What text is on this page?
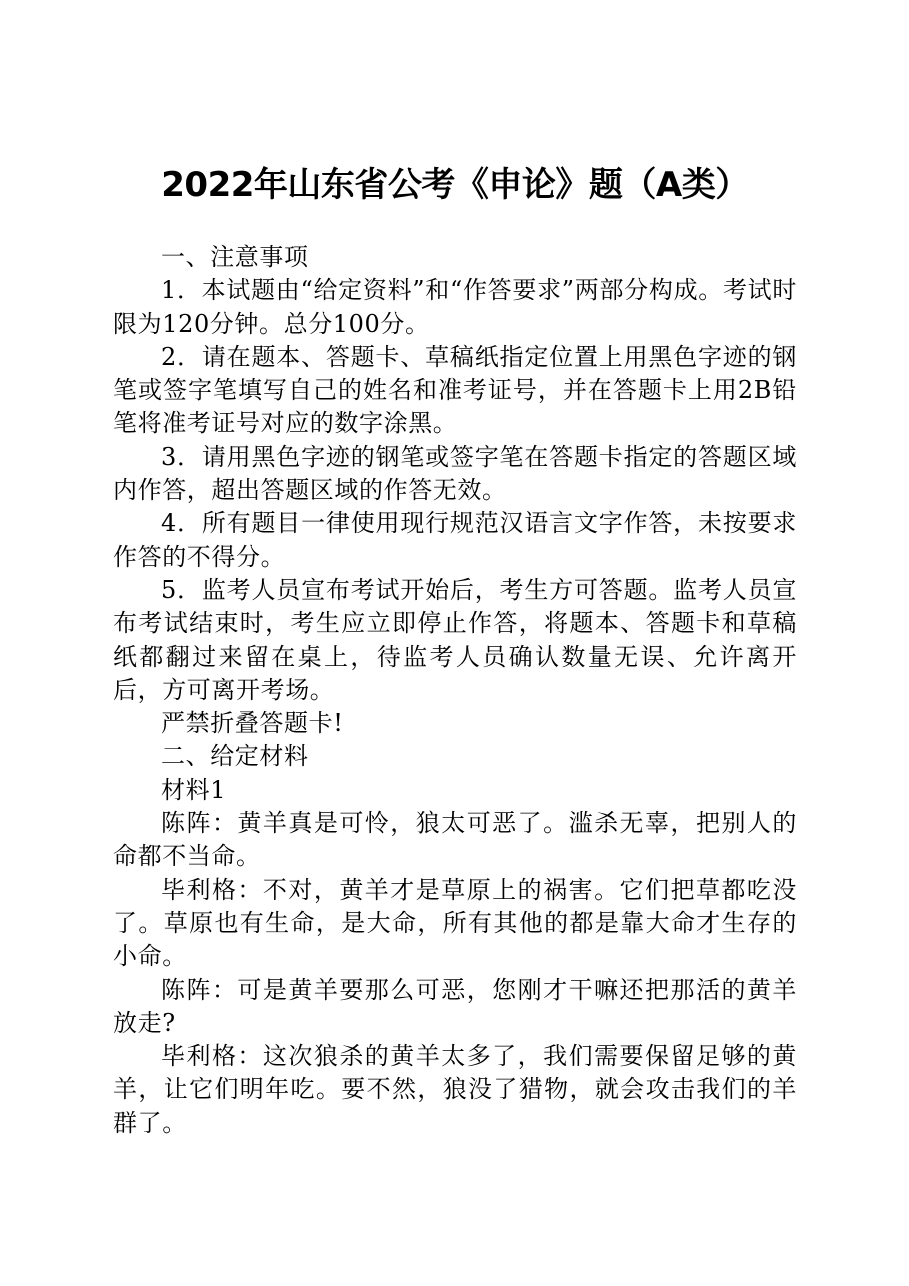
2022年山东省公考《申论》题（A类）

一、注意事项

1．本试题由“给定资料”和“作答要求”两部分构成。考试时限为120分钟。总分100分。

2．请在题本、答题卡、草稿纸指定位置上用黑色字迹的钢笔或签字笔填写自己的姓名和准考证号，并在答题卡上用2B铅笔将准考证号对应的数字涂黑。

3．请用黑色字迹的钢笔或签字笔在答题卡指定的答题区域内作答，超出答题区域的作答无效。

4．所有题目一律使用现行规范汉语言文字作答，未按要求作答的不得分。

5．监考人员宣布考试开始后，考生方可答题。监考人员宣布考试结束时，考生应立即停止作答，将题本、答题卡和草稿纸都翻过来留在桌上，待监考人员确认数量无误、允许离开后，方可离开考场。

严禁折叠答题卡!

二、给定材料

材料1

陈阵：黄羊真是可怜，狼太可恶了。滥杀无辜，把别人的命都不当命。

毕利格：不对，黄羊才是草原上的祸害。它们把草都吃没了。草原也有生命，是大命，所有其他的都是靠大命才生存的小命。

陈阵：可是黄羊要那么可恶，您刚才干嘛还把那活的黄羊放走?

毕利格：这次狼杀的黄羊太多了，我们需要保留足够的黄羊，让它们明年吃。要不然，狼没了猎物，就会攻击我们的羊群了。
